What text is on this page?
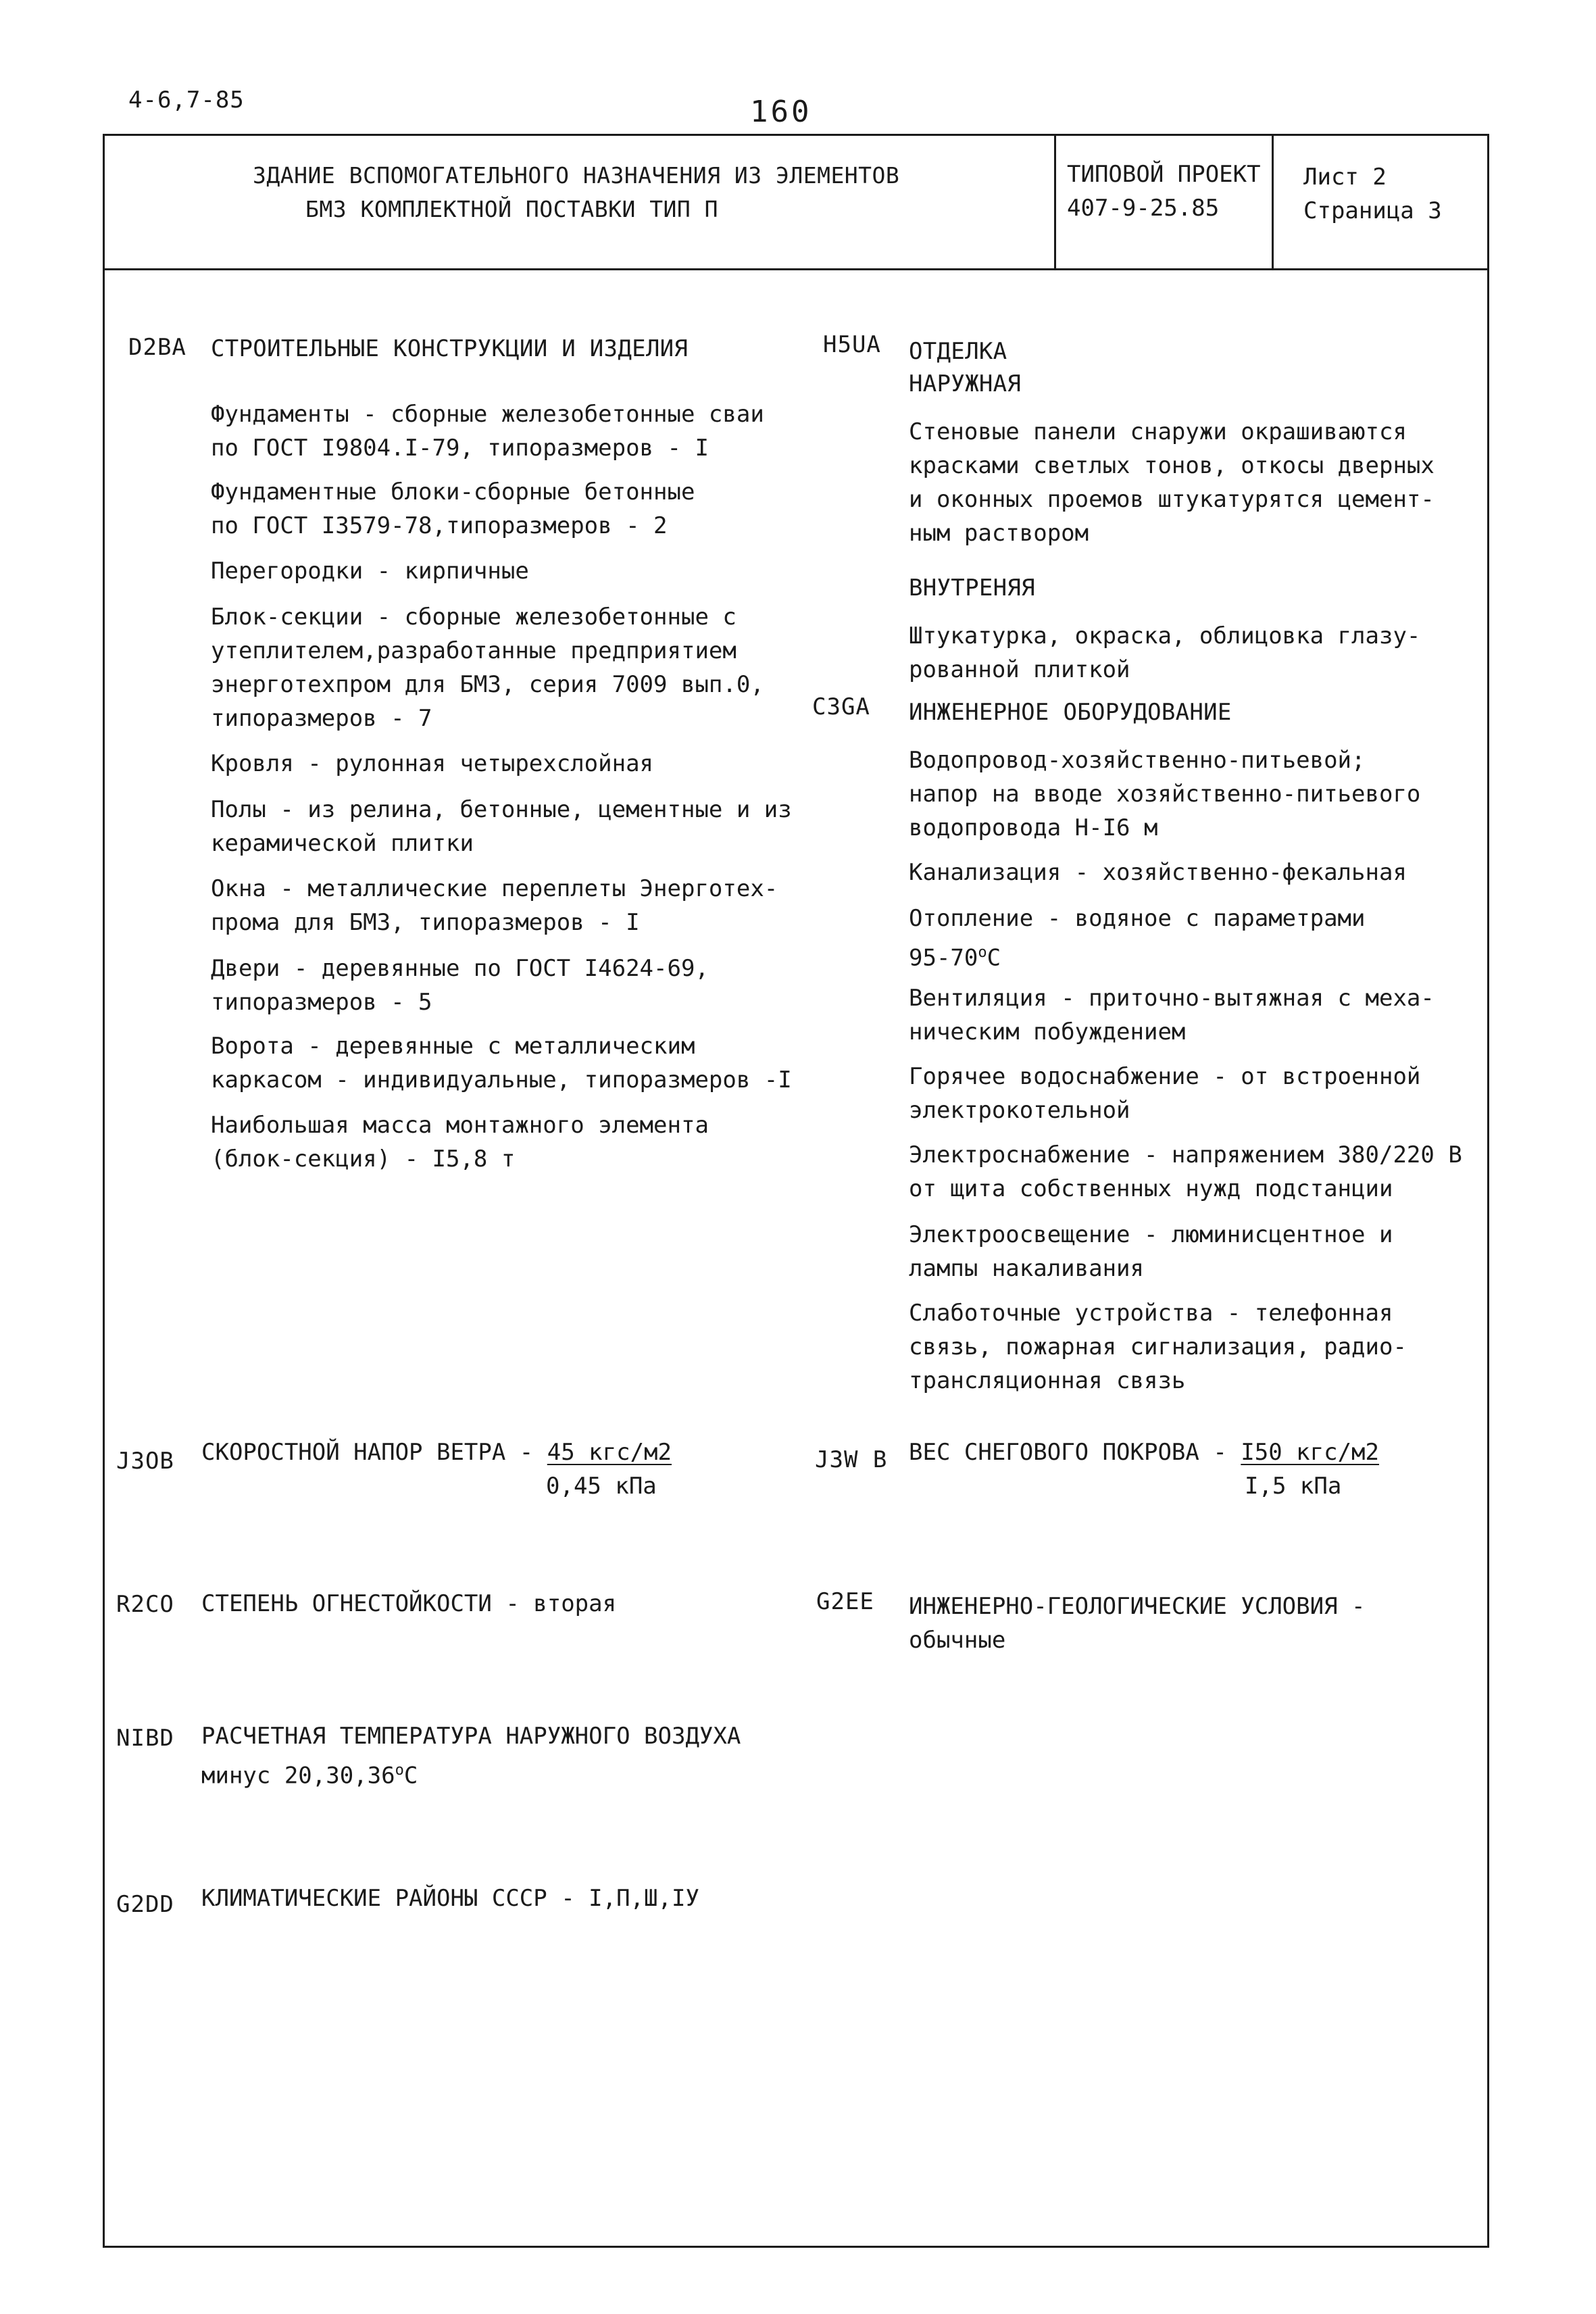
4-6,7-85	160
ЗДАНИЕ ВСПОМОГАТЕЛЬНОГО НАЗНАЧЕНИЯ ИЗ ЭЛЕМЕНТОВ
БМЗ КОМПЛЕКТНОЙ ПОСТАВКИ ТИП П
ТИПОВОЙ ПРОЕКТ
407-9-25.85
Лист 2
Страница 3
D2BA СТРОИТЕЛЬНЫЕ КОНСТРУКЦИИ И ИЗДЕЛИЯ
Фундаменты - сборные железобетонные сваи
по ГОСТ I9804.I-79, типоразмеров - I
Фундаментные блоки-сборные бетонные
по ГОСТ I3579-78,типоразмеров - 2
Перегородки - кирпичные
Блок-секции - сборные железобетонные с
утеплителем,разработанные предприятием
энерготехпром для БМЗ, серия 7009 вып.0,
типоразмеров - 7
Кровля - рулонная четырехслойная
Полы - из релина, бетонные, цементные и из
керамической плитки
Окна - металлические переплеты Энерготех-
прома для БМЗ, типоразмеров - I
Двери - деревянные по ГОСТ I4624-69,
типоразмеров - 5
Ворота - деревянные с металлическим
каркасом - индивидуальные, типоразмеров -I
Наибольшая масса монтажного элемента
(блок-секция) - I5,8 т
H5UA ОТДЕЛКА
НАРУЖНАЯ
Стеновые панели снаружи окрашиваются
красками светлых тонов, откосы дверных
и оконных проемов штукатурятся цемент-
ным раствором
ВНУТРЕНЯЯ
Штукатурка, окраска, облицовка глазу-
рованной плиткой
C3GA ИНЖЕНЕРНОЕ ОБОРУДОВАНИЕ
Водопровод-хозяйственно-питьевой;
напор на вводе хозяйственно-питьевого
водопровода Н-I6 м
Канализация - хозяйственно-фекальная
Отопление - водяное с параметрами
95-70$^o$С
Вентиляция - приточно-вытяжная с меха-
ническим побуждением
Горячее водоснабжение - от встроенной
электрокотельной
Электроснабжение - напряжением 380/220 В
от щита собственных нужд подстанции
Электроосвещение - люминисцентное и
лампы накаливания
Слаботочные устройства - телефонная
связь, пожарная сигнализация, радио-
трансляционная связь
J3OB СКОРОСТНОЙ НАПОР ВЕТРА - 45 кгс/м2
0,45 кПа
J3W B ВЕС СНЕГОВОГО ПОКРОВА - I50 кгс/м2
I,5 кПа
R2CO СТЕПЕНЬ ОГНЕСТОЙКОСТИ - вторая	G2EE ИНЖЕНЕРНО-ГЕОЛОГИЧЕСКИЕ УСЛОВИЯ -
обычные
NIBD РАСЧЕТНАЯ ТЕМПЕРАТУРА НАРУЖНОГО ВОЗДУХА
минус 20,30,36$^o$С
G2DD КЛИМАТИЧЕСКИЕ РАЙОНЫ СССР - I,П,Ш,IУ
